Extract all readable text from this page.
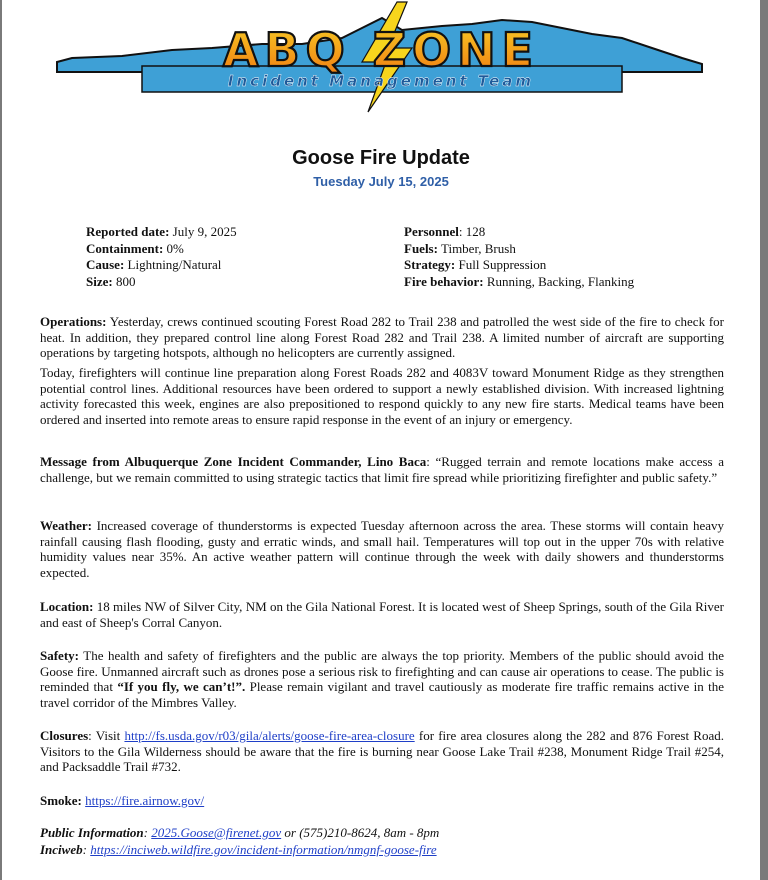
ABQ ZONE
Incident Management Team
Goose Fire Update
Tuesday July 15, 2025
Reported date: July 9, 2025
Containment: 0%
Cause: Lightning/Natural
Size: 800
Personnel: 128
Fuels: Timber, Brush
Strategy: Full Suppression
Fire behavior: Running, Backing, Flanking
Operations: Yesterday, crews continued scouting Forest Road 282 to Trail 238 and patrolled the west side of the fire to check for heat. In addition, they prepared control line along Forest Road 282 and Trail 238. A limited number of aircraft are supporting operations by targeting hotspots, although no helicopters are currently assigned.
Today, firefighters will continue line preparation along Forest Roads 282 and 4083V toward Monument Ridge as they strengthen potential control lines. Additional resources have been ordered to support a newly established division. With increased lightning activity forecasted this week, engines are also prepositioned to respond quickly to any new fire starts. Medical teams have been ordered and inserted into remote areas to ensure rapid response in the event of an injury or emergency.
Message from Albuquerque Zone Incident Commander, Lino Baca: “Rugged terrain and remote locations make access a challenge, but we remain committed to using strategic tactics that limit fire spread while prioritizing firefighter and public safety.”
Weather: Increased coverage of thunderstorms is expected Tuesday afternoon across the area. These storms will contain heavy rainfall causing flash flooding, gusty and erratic winds, and small hail. Temperatures will top out in the upper 70s with relative humidity values near 35%. An active weather pattern will continue through the week with daily showers and thunderstorms expected.
Location: 18 miles NW of Silver City, NM on the Gila National Forest. It is located west of Sheep Springs, south of the Gila River and east of Sheep's Corral Canyon.
Safety: The health and safety of firefighters and the public are always the top priority. Members of the public should avoid the Goose fire. Unmanned aircraft such as drones pose a serious risk to firefighting and can cause air operations to cease. The public is reminded that “If you fly, we can’t!”. Please remain vigilant and travel cautiously as moderate fire traffic remains active in the travel corridor of the Mimbres Valley.
Closures: Visit http://fs.usda.gov/r03/gila/alerts/goose-fire-area-closure for fire area closures along the 282 and 876 Forest Road. Visitors to the Gila Wilderness should be aware that the fire is burning near Goose Lake Trail #238, Monument Ridge Trail #254, and Packsaddle Trail #732.
Smoke: https://fire.airnow.gov/
Public Information: 2025.Goose@firenet.gov or (575)210-8624, 8am - 8pm
Inciweb: https://inciweb.wildfire.gov/incident-information/nmgnf-goose-fire
